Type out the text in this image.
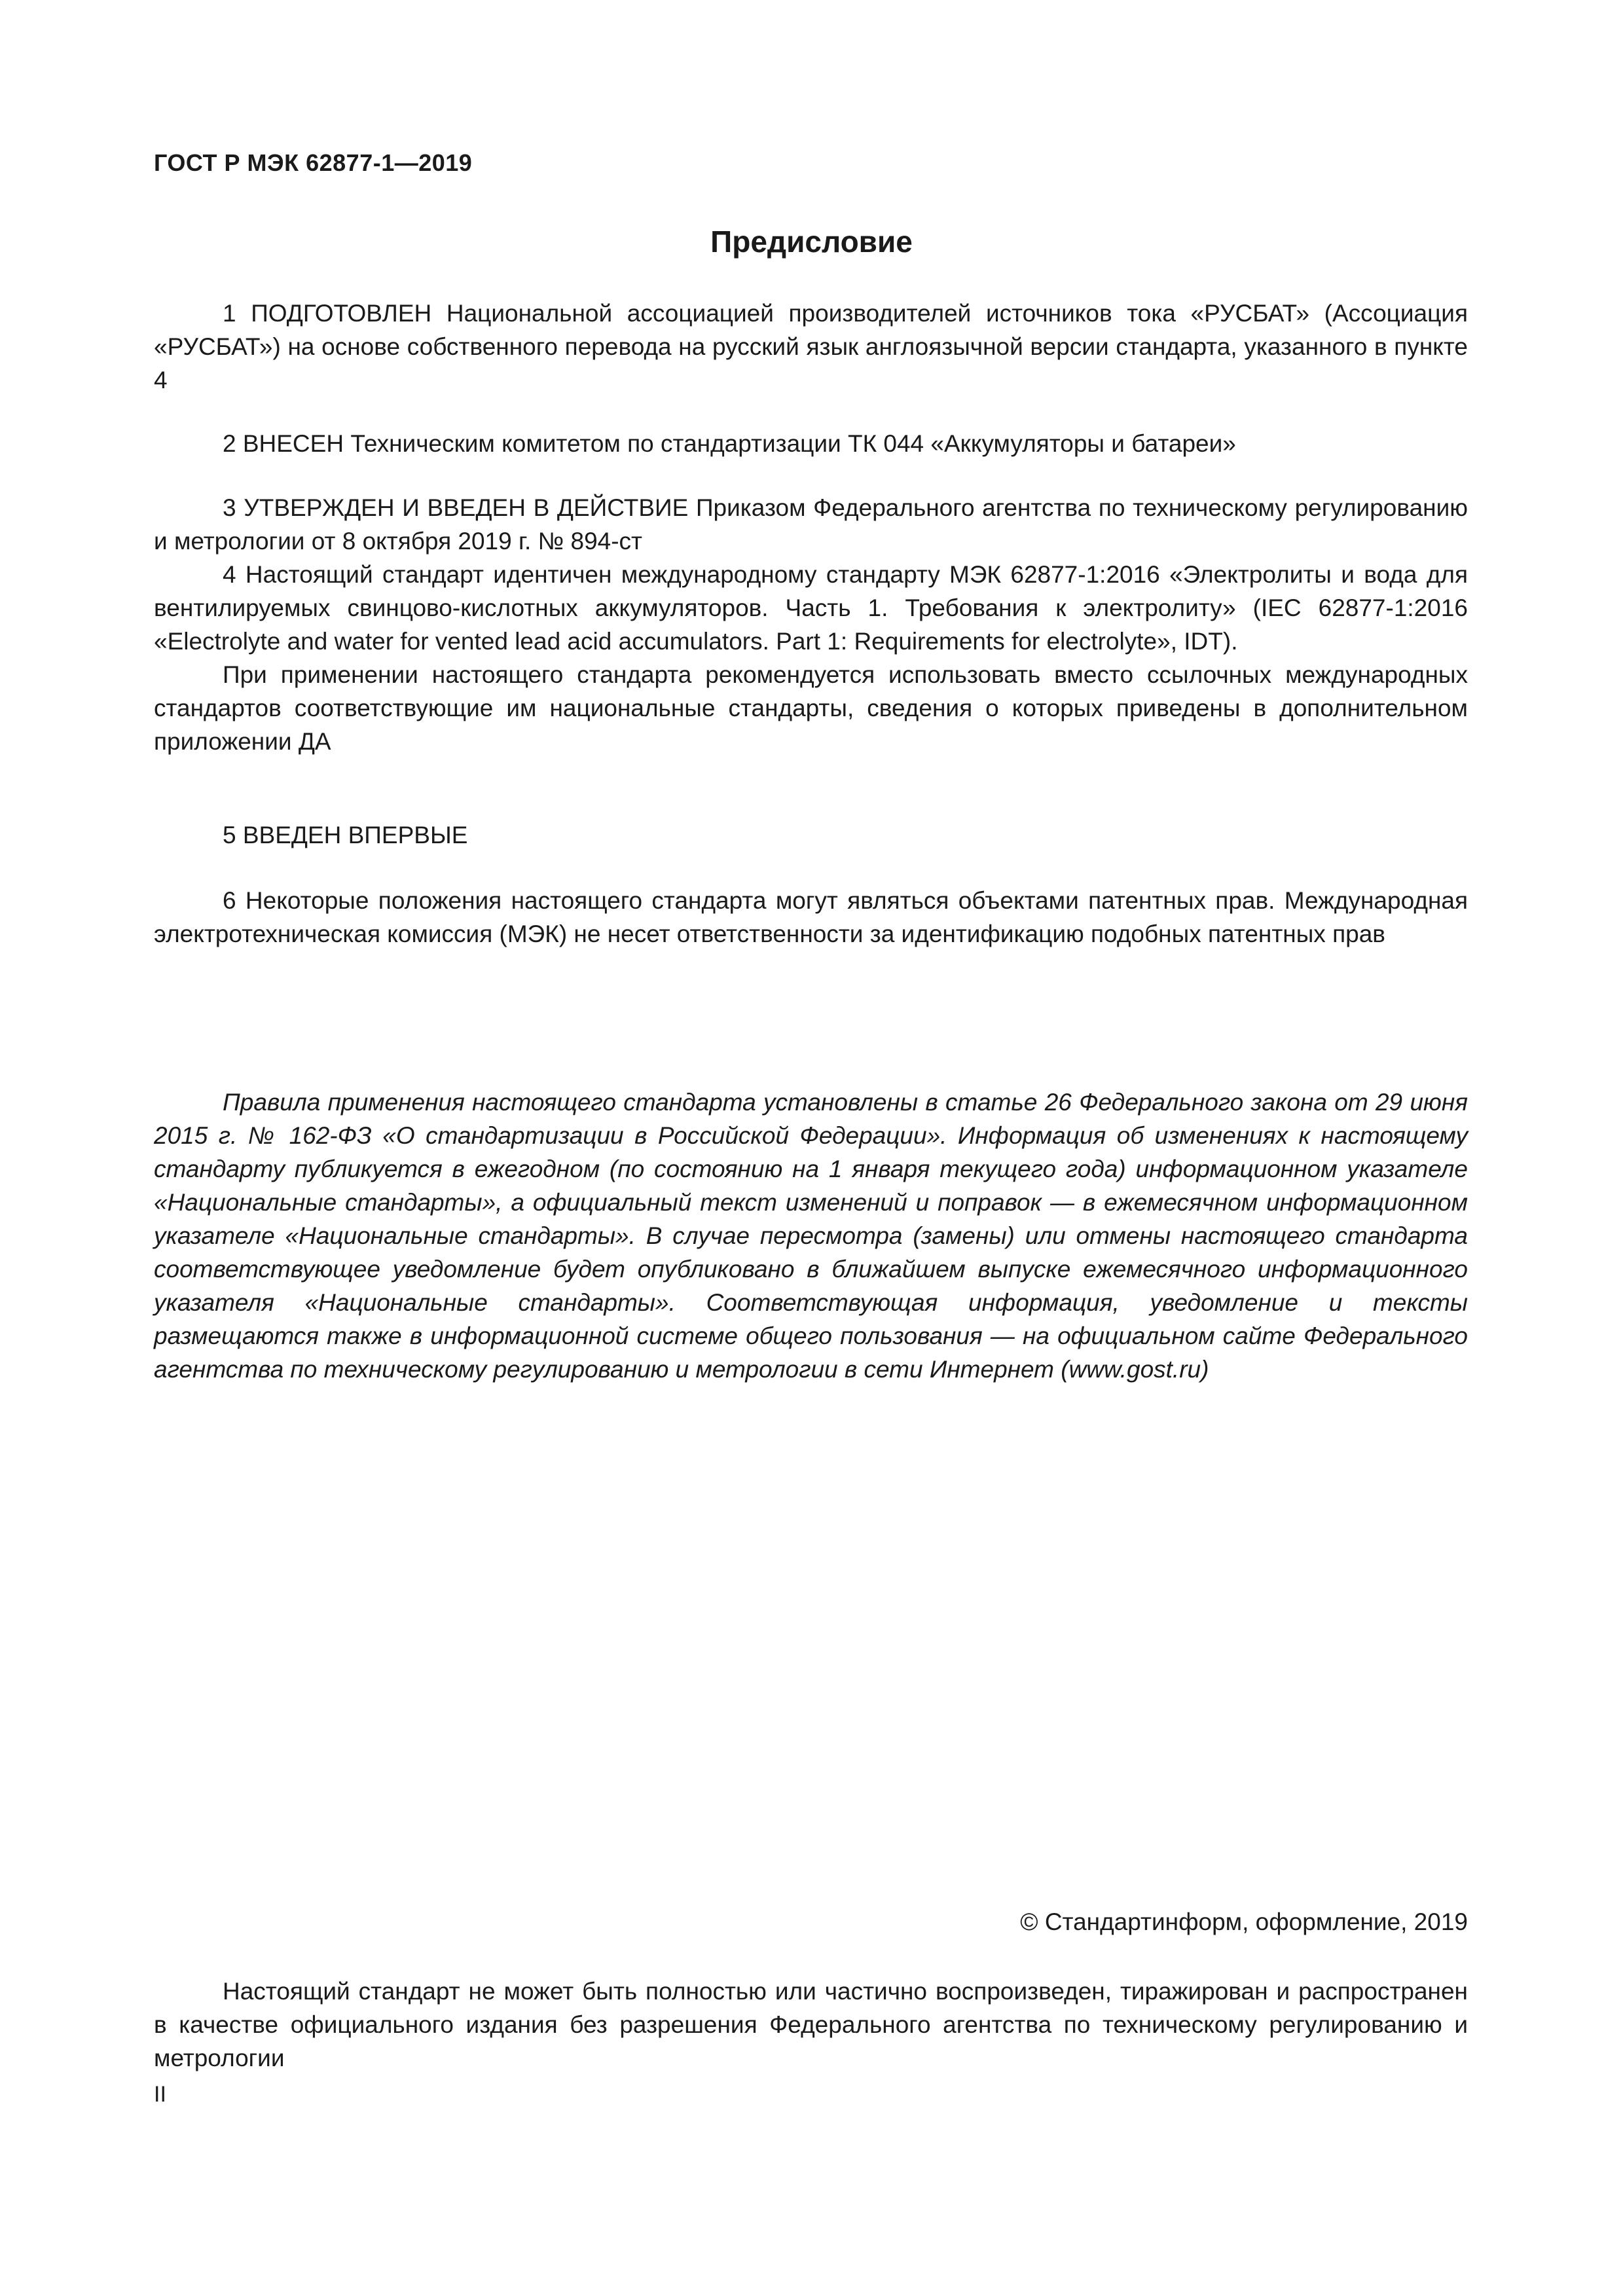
ГОСТ Р МЭК 62877-1—2019
Предисловие

1 ПОДГОТОВЛЕН Национальной ассоциацией производителей источников тока «РУСБАТ» (Ассоциация «РУСБАТ») на основе собственного перевода на русский язык англоязычной версии стандарта, указанного в пункте 4

2 ВНЕСЕН Техническим комитетом по стандартизации ТК 044 «Аккумуляторы и батареи»

3 УТВЕРЖДЕН И ВВЕДЕН В ДЕЙСТВИЕ Приказом Федерального агентства по техническому регулированию и метрологии от 8 октября 2019 г. № 894-ст

4 Настоящий стандарт идентичен международному стандарту МЭК 62877-1:2016 «Электролиты и вода для вентилируемых свинцово-кислотных аккумуляторов. Часть 1. Требования к электролиту» (IEC 62877-1:2016 «Electrolyte and water for vented lead acid accumulators. Part 1: Requirements for electrolyte», IDT).

При применении настоящего стандарта рекомендуется использовать вместо ссылочных международных стандартов соответствующие им национальные стандарты, сведения о которых приведены в дополнительном приложении ДА

5 ВВЕДЕН ВПЕРВЫЕ

6 Некоторые положения настоящего стандарта могут являться объектами патентных прав. Международная электротехническая комиссия (МЭК) не несет ответственности за идентификацию подобных патентных прав

Правила применения настоящего стандарта установлены в статье 26 Федерального закона от 29 июня 2015 г. № 162-ФЗ «О стандартизации в Российской Федерации». Информация об изменениях к настоящему стандарту публикуется в ежегодном (по состоянию на 1 января текущего года) информационном указателе «Национальные стандарты», а официальный текст изменений и поправок — в ежемесячном информационном указателе «Национальные стандарты». В случае пересмотра (замены) или отмены настоящего стандарта соответствующее уведомление будет опубликовано в ближайшем выпуске ежемесячного информационного указателя «Национальные стандарты». Соответствующая информация, уведомление и тексты размещаются также в информационной системе общего пользования — на официальном сайте Федерального агентства по техническому регулированию и метрологии в сети Интернет (www.gost.ru)

© Стандартинформ, оформление, 2019

Настоящий стандарт не может быть полностью или частично воспроизведен, тиражирован и распространен в качестве официального издания без разрешения Федерального агентства по техническому регулированию и метрологии

II
